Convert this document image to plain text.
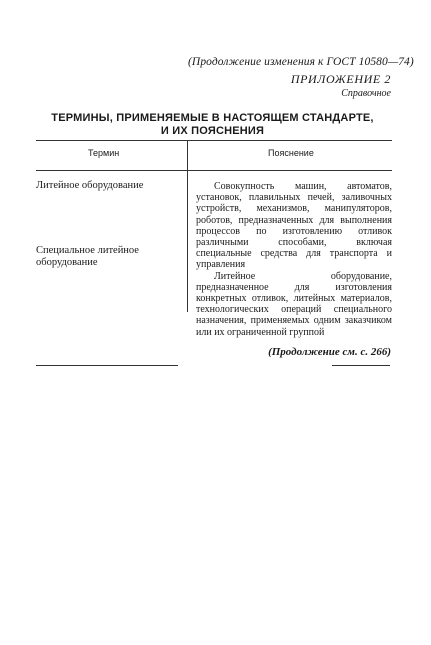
(Продолжение изменения к ГОСТ 10580—74)
ПРИЛОЖЕНИЕ 2
Справочное
ТЕРМИНЫ, ПРИМЕНЯЕМЫЕ В НАСТОЯЩЕМ СТАНДАРТЕ,
И ИХ ПОЯСНЕНИЯ
Термин	Пояснение
Литейное оборудование
Специальное литейное оборудование

Совокупность машин, автоматов, установок, плавильных печей, заливочных устройств, механизмов, манипуляторов, роботов, предназначенных для выполнения процессов по изготовлению отливок различными способами, включая специальные средства для транспорта и управления

Литейное оборудование, предназначенное для изготовления конкретных отливок, литейных материалов, технологических операций специального назначения, применяемых одним заказчиком или их ограниченной группой

(Продолжение см. с. 266)
